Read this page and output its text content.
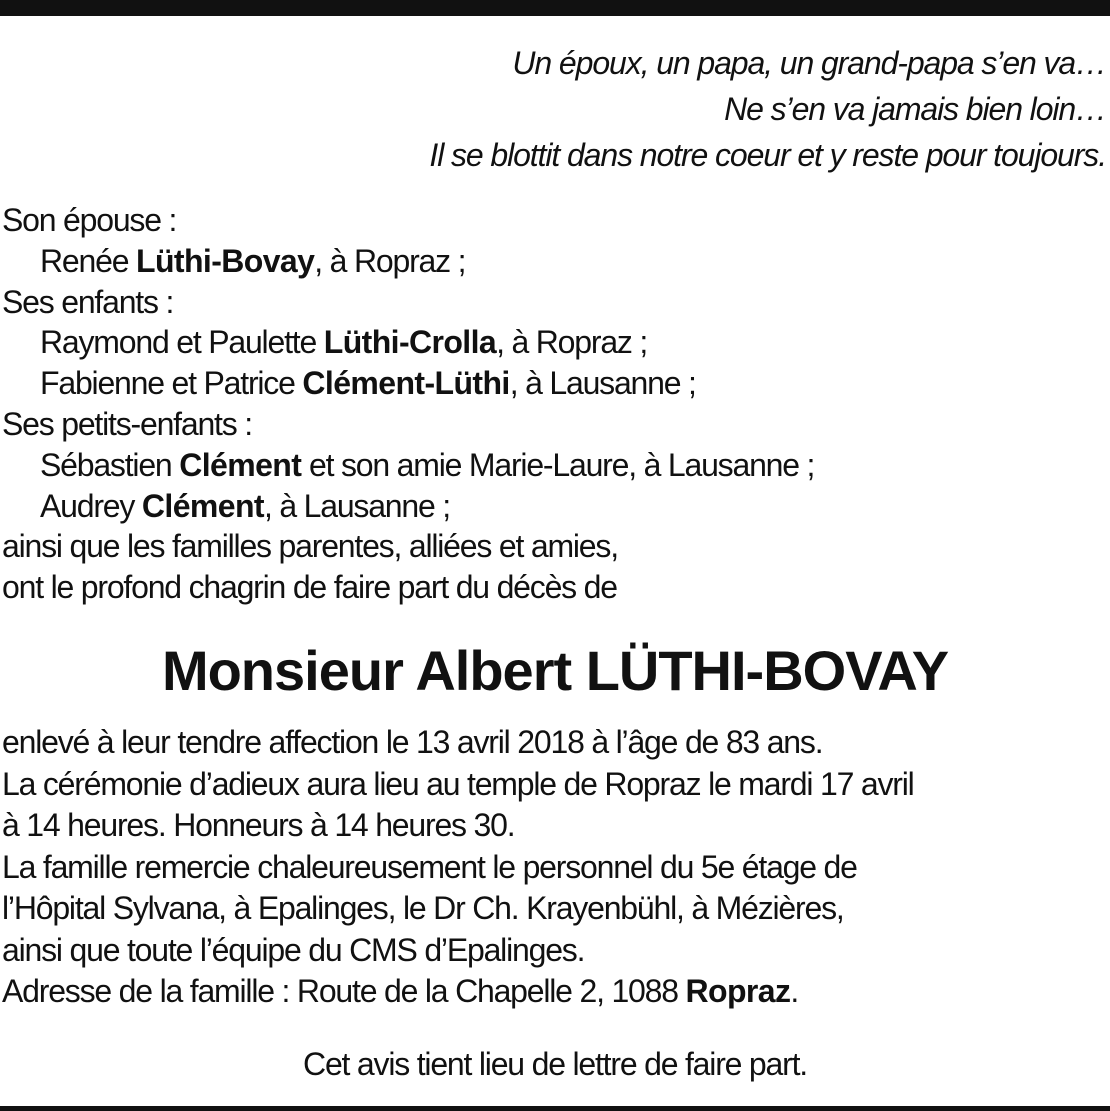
Un époux, un papa, un grand-papa s’en va…
Ne s’en va jamais bien loin…
Il se blottit dans notre coeur et y reste pour toujours.
Son épouse :
Renée Lüthi-Bovay, à Ropraz ;
Ses enfants :
Raymond et Paulette Lüthi-Crolla, à Ropraz ;
Fabienne et Patrice Clément-Lüthi, à Lausanne ;
Ses petits-enfants :
Sébastien Clément et son amie Marie-Laure, à Lausanne ;
Audrey Clément, à Lausanne ;
ainsi que les familles parentes, alliées et amies,
ont le profond chagrin de faire part du décès de
Monsieur Albert LÜTHI-BOVAY
enlevé à leur tendre affection le 13 avril 2018 à l’âge de 83 ans.
La cérémonie d’adieux aura lieu au temple de Ropraz le mardi 17 avril
à 14 heures. Honneurs à 14 heures 30.
La famille remercie chaleureusement le personnel du 5e étage de
l’Hôpital Sylvana, à Epalinges, le Dr Ch. Krayenbühl, à Mézières,
ainsi que toute l’équipe du CMS d’Epalinges.
Adresse de la famille : Route de la Chapelle 2, 1088 Ropraz.
Cet avis tient lieu de lettre de faire part.
